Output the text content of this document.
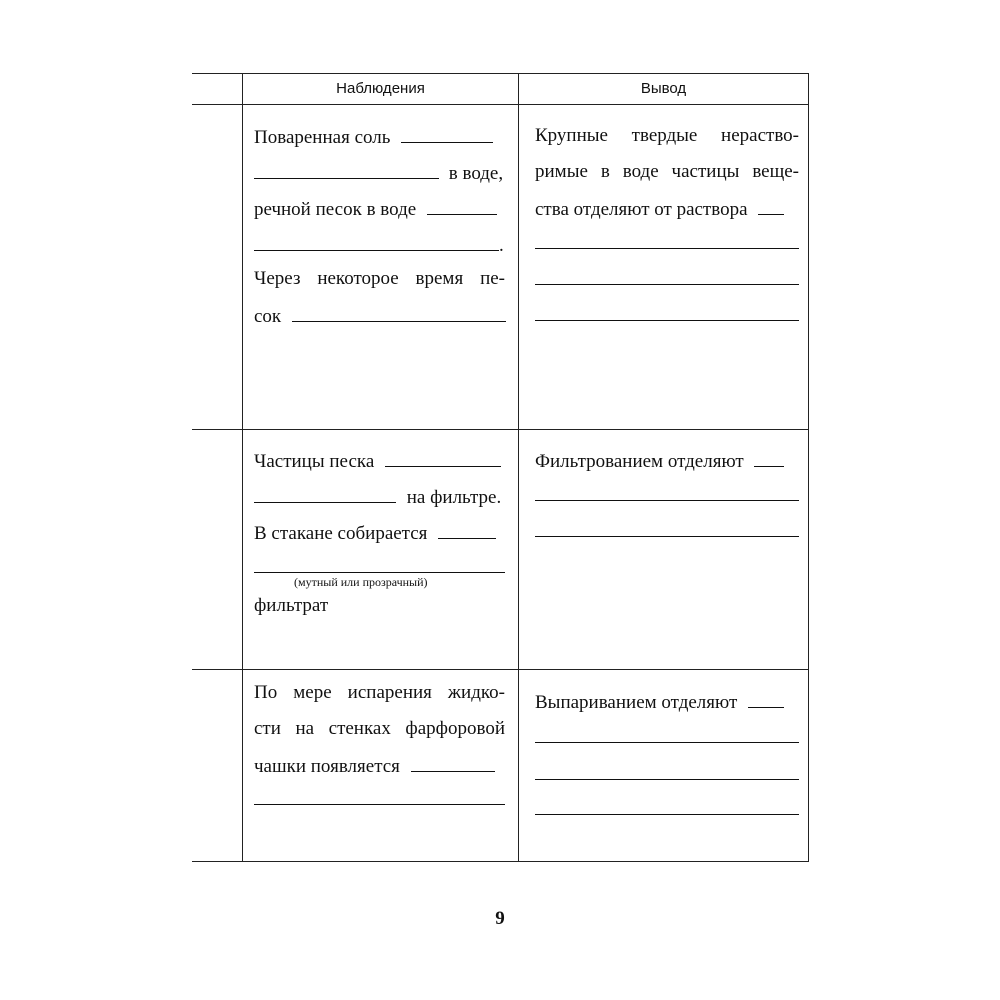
Наблюдения	Вывод
Поваренная соль
в воде,
речной песок в воде
.
Через некоторое время пе-
сок
Крупные твердые нераство-
римые в воде частицы веще-
ства отделяют от раствора
Частицы песка
на фильтре.
В стакане собирается
(мутный или прозрачный)
фильтрат
Фильтрованием отделяют
По мере испарения жидко-
сти на стенках фарфоровой
чашки появляется
Выпариванием отделяют
9
